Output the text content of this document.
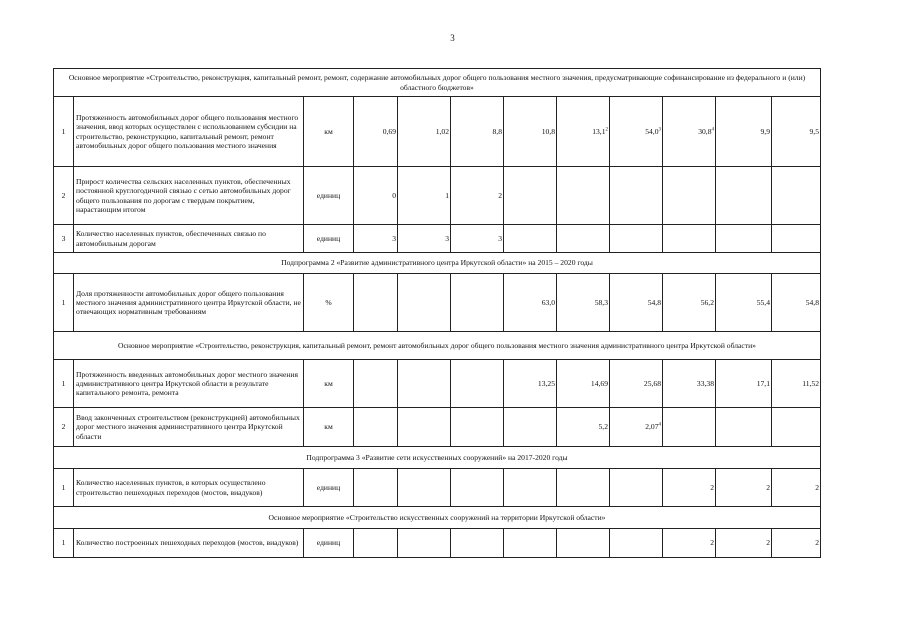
3
Основное мероприятие «Строительство, реконструкция, капитальный ремонт, ремонт, содержание автомобильных дорог общего пользования местного значения, предусматривающие софинансирование из федерального и (или) областного бюджетов»											
1	Протяженность автомобильных дорог общего пользования местного значения, ввод которых осуществлен с использованием субсидии на строительство, реконструкцию, капитальный ремонт, ремонт автомобильных дорог общего пользования местного значения	км	0,69	1,02	8,8	10,8	13,1$^2$	54,0$^3$	30,8$^4$	9,9	9,5
2	Прирост количества сельских населенных пунктов, обеспеченных постоянной круглогодичной связью с сетью автомобильных дорог общего пользования по дорогам с твердым покрытием, нарастающим итогом	единиц	0	1	2						
3	Количество населенных пунктов, обеспеченных связью по автомобильным дорогам	единиц	3	3	3						
Подпрограмма 2 «Развитие административного центра Иркутской области» на 2015 – 2020 годы											
1	Доля протяженности автомобильных дорог общего пользования местного значения административного центра Иркутской области, не отвечающих нормативным требованиям	%				63,0	58,3	54,8	56,2	55,4	54,8
Основное мероприятие «Строительство, реконструкция, капитальный ремонт, ремонт автомобильных дорог общего пользования местного значения административного центра Иркутской области»											
1	Протяженность введенных автомобильных дорог местного значения административного центра Иркутской области в результате капитального ремонта, ремонта	км				13,25	14,69	25,68	33,38	17,1	11,52
2	Ввод законченных строительством (реконструкцией) автомобильных дорог местного значения административного центра Иркутской области	км					5,2	2,07$^4$			
Подпрограмма 3 «Развитие сети искусственных сооружений» на 2017-2020 годы											
1	Количество населенных пунктов, в которых осуществлено строительство пешеходных переходов (мостов, виадуков)	единиц							2	2	2
Основное мероприятие «Строительство искусственных сооружений на территории Иркутской области»											
1	Количество построенных пешеходных переходов (мостов, виадуков)	единиц							2	2	2
